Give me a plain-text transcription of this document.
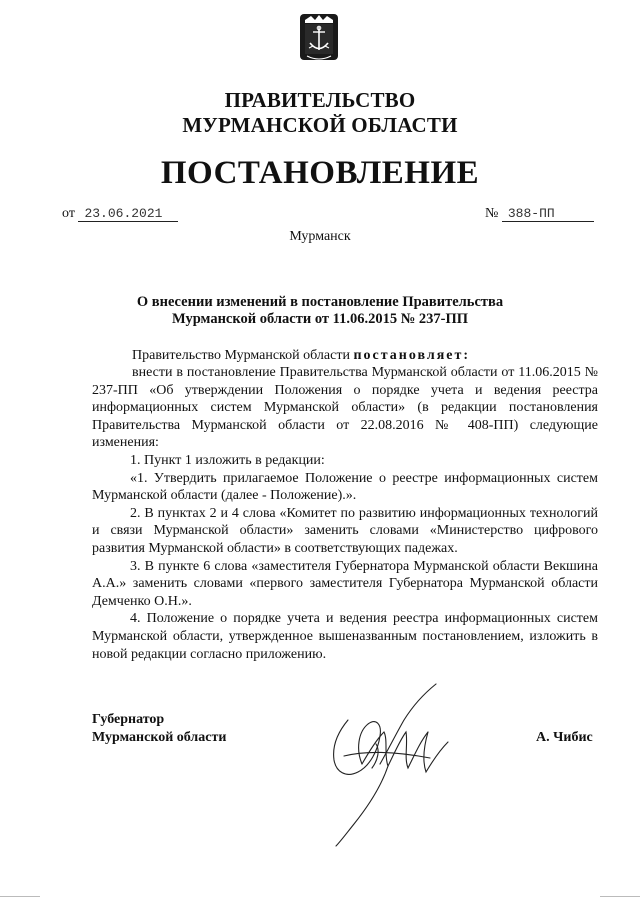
ПРАВИТЕЛЬСТВО
МУРМАНСКОЙ ОБЛАСТИ
ПОСТАНОВЛЕНИЕ
от 23.06.2021	№ 388-ПП
Мурманск
О внесении изменений в постановление Правительства
Мурманской области от 11.06.2015 № 237-ПП
Правительство Мурманской области постановляет:
внести в постановление Правительства Мурманской области от 11.06.2015 № 237-ПП «Об утверждении Положения о порядке учета и ведения реестра информационных систем Мурманской области» (в редакции постановления Правительства Мурманской области от 22.08.2016 № 408-ПП) следующие изменения:

1. Пункт 1 изложить в редакции:

«1. Утвердить прилагаемое Положение о реестре информационных систем Мурманской области (далее - Положение).».

2. В пунктах 2 и 4 слова «Комитет по развитию информационных технологий и связи Мурманской области» заменить словами «Министерство цифрового развития Мурманской области» в соответствующих падежах.

3. В пункте 6 слова «заместителя Губернатора Мурманской области Векшина А.А.» заменить словами «первого заместителя Губернатора Мурманской области Демченко О.Н.».

4. Положение о порядке учета и ведения реестра информационных систем Мурманской области, утвержденное вышеназванным постановлением, изложить в новой редакции согласно приложению.

Губернатор
Мурманской области	А. Чибис
